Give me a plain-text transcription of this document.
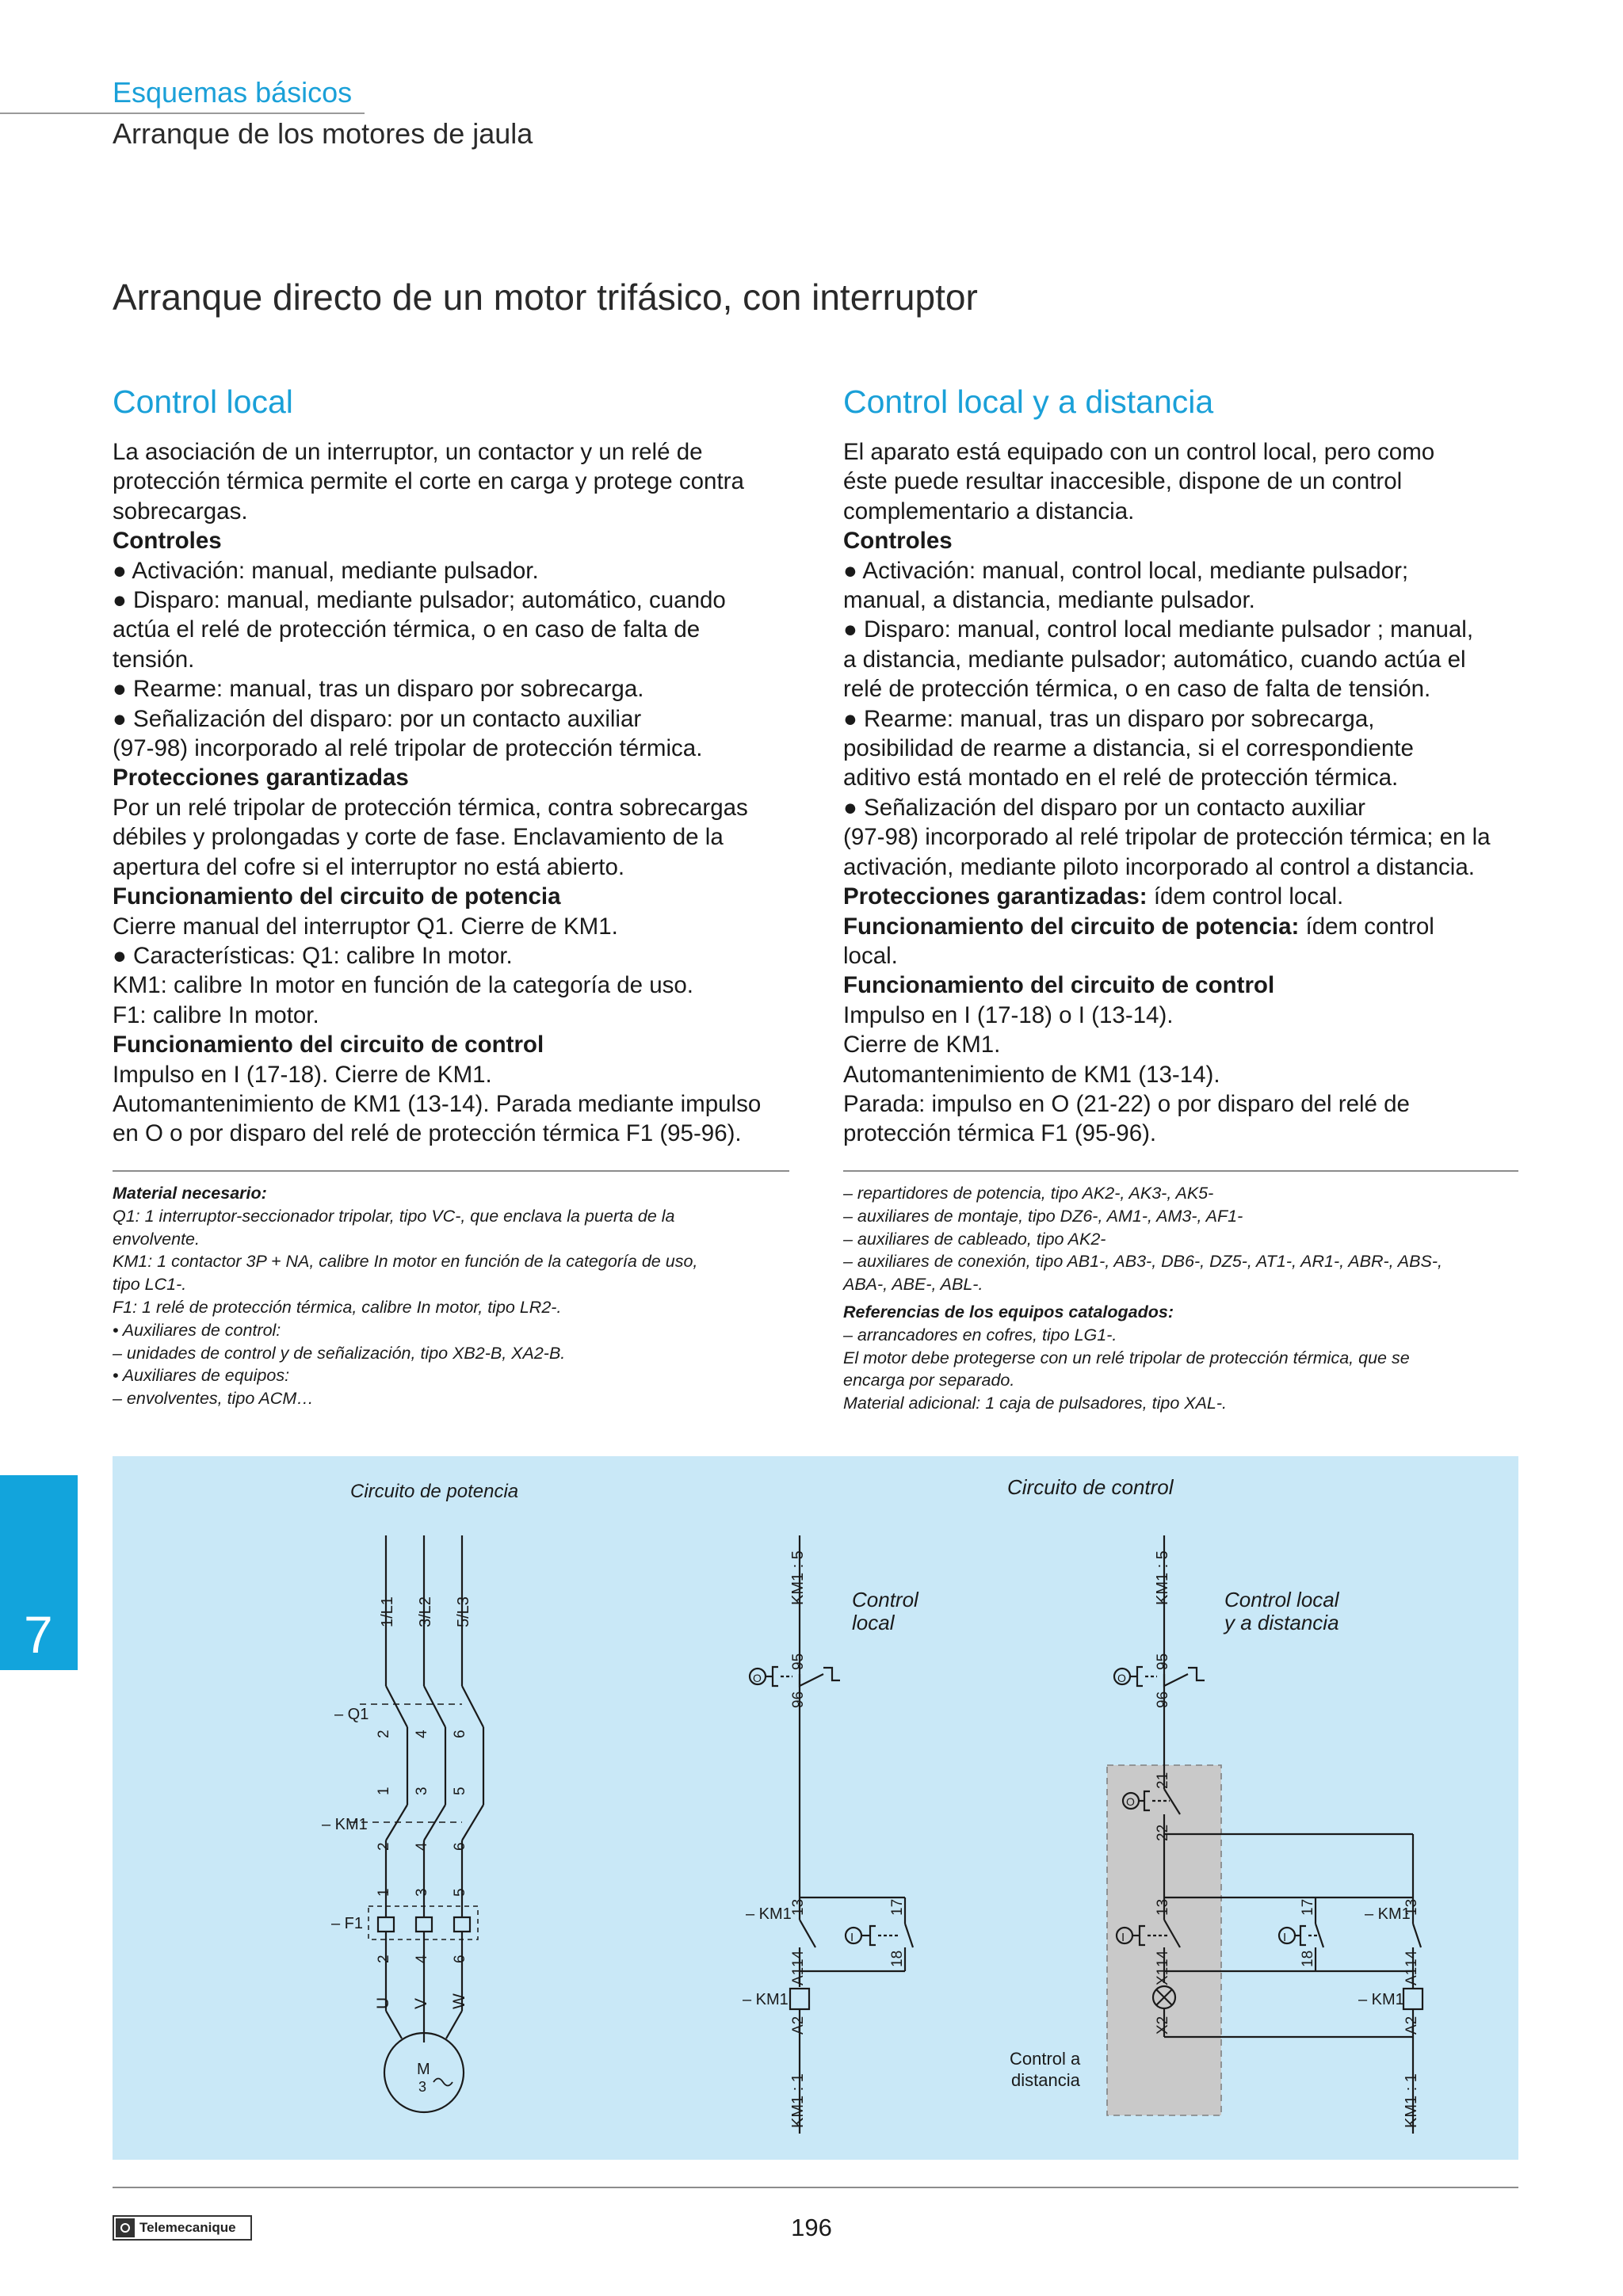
Esquemas básicos
Arranque de los motores de jaula
Arranque directo de un motor trifásico, con interruptor
Control local	Control local y a distancia

La asociación de un interruptor, un contactor y un relé de

protección térmica permite el corte en carga y protege contra

sobrecargas.

Controles

● Activación: manual, mediante pulsador.

● Disparo: manual, mediante pulsador; automático, cuando

actúa el relé de protección térmica, o en caso de falta de

tensión.

● Rearme: manual, tras un disparo por sobrecarga.

● Señalización del disparo: por un contacto auxiliar

(97-98) incorporado al relé tripolar de protección térmica.

Protecciones garantizadas

Por un relé tripolar de protección térmica, contra sobrecargas

débiles y prolongadas y corte de fase. Enclavamiento de la

apertura del cofre si el interruptor no está abierto.

Funcionamiento del circuito de potencia

Cierre manual del interruptor Q1. Cierre de KM1.

● Características: Q1: calibre In motor.

KM1: calibre In motor en función de la categoría de uso.

F1: calibre In motor.

Funcionamiento del circuito de control

Impulso en I (17-18). Cierre de KM1.

Automantenimiento de KM1 (13-14). Parada mediante impulso

en O o por disparo del relé de protección térmica F1 (95-96).

El aparato está equipado con un control local, pero como

éste puede resultar inaccesible, dispone de un control

complementario a distancia.

Controles

● Activación: manual, control local, mediante pulsador;

manual, a distancia, mediante pulsador.

● Disparo: manual, control local mediante pulsador ; manual,

a distancia, mediante pulsador; automático, cuando actúa el

relé de protección térmica, o en caso de falta de tensión.

● Rearme: manual, tras un disparo por sobrecarga,

posibilidad de rearme a distancia, si el correspondiente

aditivo está montado en el relé de protección térmica.

● Señalización del disparo por un contacto auxiliar

(97-98) incorporado al relé tripolar de protección térmica; en la

activación, mediante piloto incorporado al control a distancia.

Protecciones garantizadas: ídem control local.

Funcionamiento del circuito de potencia: ídem control

local.

Funcionamiento del circuito de control

Impulso en I (17-18) o I (13-14).

Cierre de KM1.

Automantenimiento de KM1 (13-14).

Parada: impulso en O (21-22) o por disparo del relé de

protección térmica F1 (95-96).

Material necesario:

Q1: 1 interruptor-seccionador tripolar, tipo VC-, que enclava la puerta de la

envolvente.

KM1: 1 contactor 3P + NA, calibre In motor en función de la categoría de uso,

tipo LC1-.

F1: 1 relé de protección térmica, calibre In motor, tipo LR2-.

• Auxiliares de control:

– unidades de control y de señalización, tipo XB2-B, XA2-B.

• Auxiliares de equipos:

– envolventes, tipo ACM…

– repartidores de potencia, tipo AK2-, AK3-, AK5-

– auxiliares de montaje, tipo DZ6-, AM1-, AM3-, AF1-

– auxiliares de cableado, tipo AK2-

– auxiliares de conexión, tipo AB1-, AB3-, DB6-, DZ5-, AT1-, AR1-, ABR-, ABS-,

ABA-, ABE-, ABL-.

Referencias de los equipos catalogados:

– arrancadores en cofres, tipo LG1-.

El motor debe protegerse con un relé tripolar de protección térmica, que se

encarga por separado.

Material adicional: 1 caja de pulsadores, tipo XAL-.

7
Circuito de potencia	Circuito de control
1/L1 3/L2 5/L3
– Q1
– KM1
– F1
2 4 6
1 3 5
2 4 6
1 3 5
2 4 6
U V W
M
3
KM1 : 5 Control
local
95
96
O
13
14
17
18
I
– KM1
– KM1
A1
A2
KM1 : 1
KM1 : 5	Control local
y a distancia
95
96
O
21
22
O
13
14
I
X1
X2
Control a
distancia
17
18
I
13
14
– KM1
– KM1
A1
A2
KM1 : 1
Telemecanique	196
